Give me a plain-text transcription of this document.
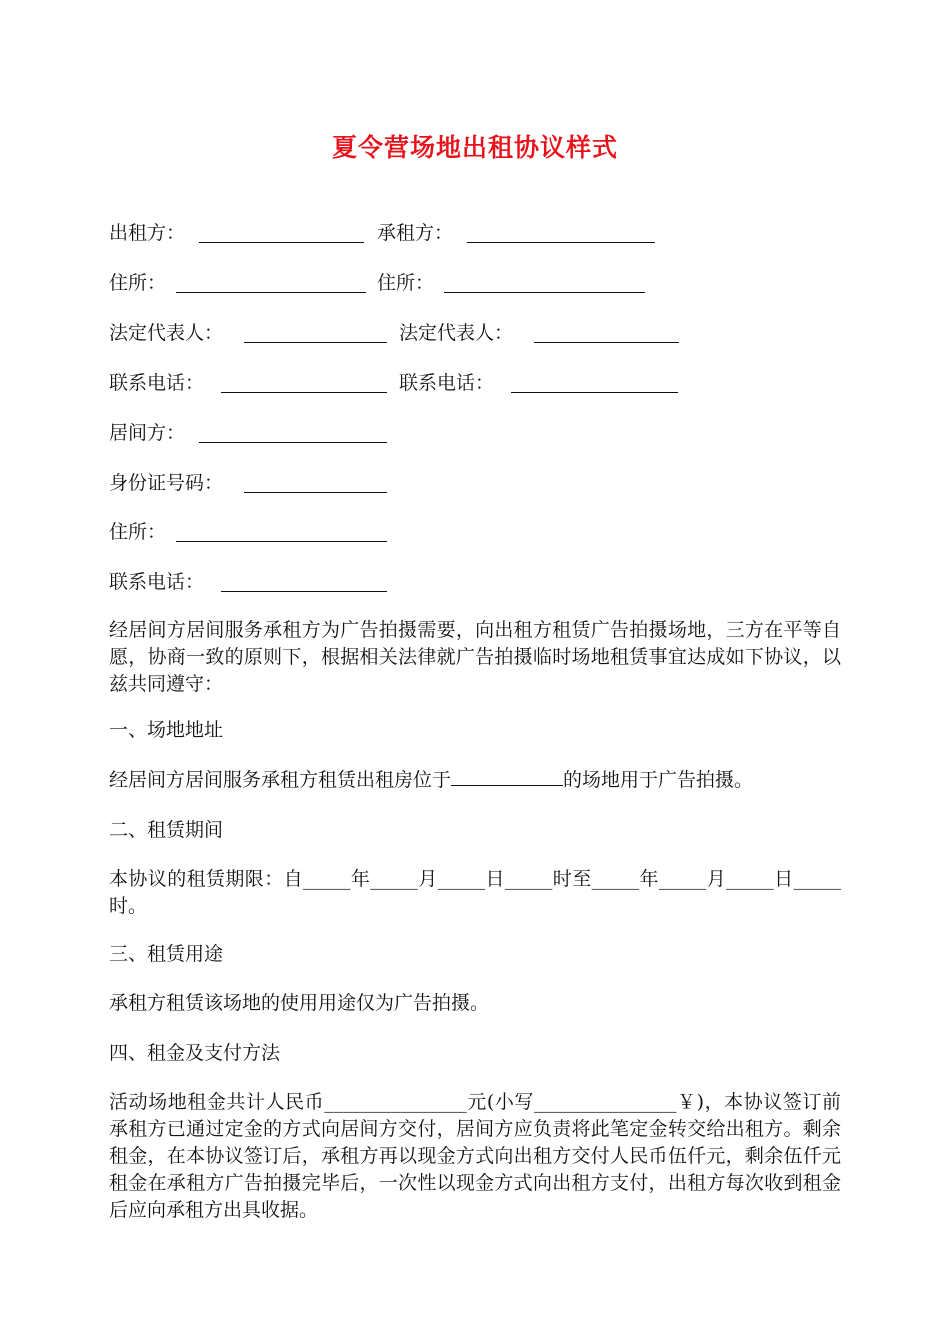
夏令营场地出租协议样式
出租方：	承租方：
住所：	住所：
法定代表人：	法定代表人：
联系电话：	联系电话：
居间方：
身份证号码：
住所：
联系电话：
经居间方居间服务承租方为广告拍摄需要，向出租方租赁广告拍摄场地，三方在平等自愿，协商一致的原则下，根据相关法律就广告拍摄临时场地租赁事宜达成如下协议，以兹共同遵守：
一、场地地址
经居间方居间服务承租方租赁出租房位于	的场地用于广告拍摄。
二、租赁期间
本协议的租赁期限：自_____年_____月_____日_____时至_____年_____月_____日_____时。
三、租赁用途
承租方租赁该场地的使用用途仅为广告拍摄。
四、租金及支付方法
活动场地租金共计人民币_______________元(小写_______________￥)，本协议签订前承租方已通过定金的方式向居间方交付，居间方应负责将此笔定金转交给出租方。剩余租金，在本协议签订后，承租方再以现金方式向出租方交付人民币伍仟元，剩余伍仟元租金在承租方广告拍摄完毕后，一次性以现金方式向出租方支付，出租方每次收到租金后应向承租方出具收据。
